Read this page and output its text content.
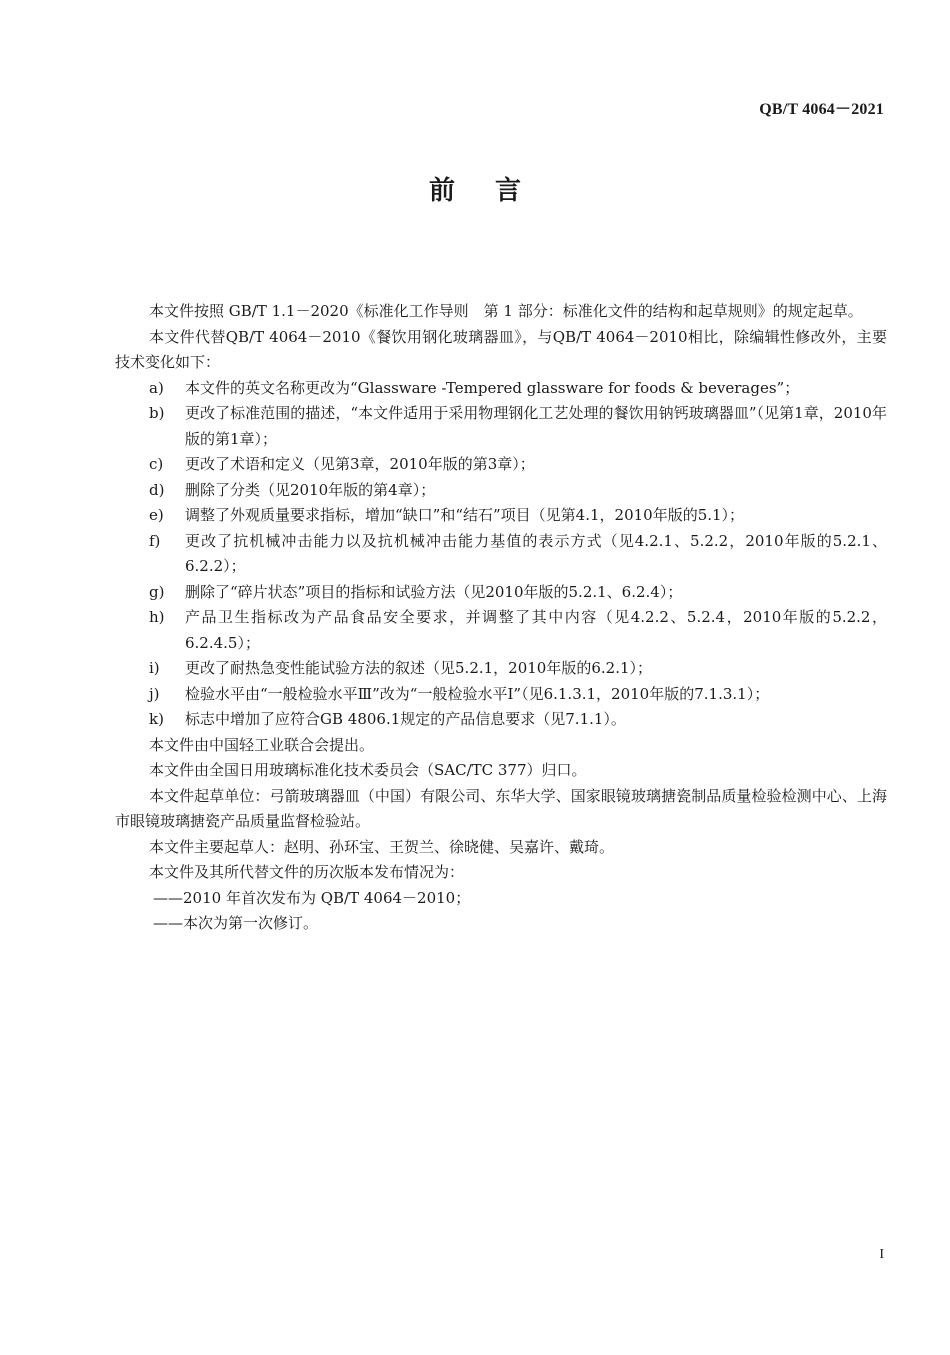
QB/T 4064－2021
前 言
本文件按照 GB/T 1.1－2020《标准化工作导则　第 1 部分：标准化文件的结构和起草规则》的规定起草。
本文件代替QB/T 4064－2010《餐饮用钢化玻璃器皿》，与QB/T 4064－2010相比，除编辑性修改外，主要技术变化如下：
a)	本文件的英文名称更改为“Glassware -Tempered glassware for foods & beverages”；
b)	更改了标准范围的描述，“本文件适用于采用物理钢化工艺处理的餐饮用钠钙玻璃器皿”（见第1章，2010年版的第1章）；
c)	更改了术语和定义（见第3章，2010年版的第3章）；
d)	删除了分类（见2010年版的第4章）；
e)	调整了外观质量要求指标，增加“缺口”和“结石”项目（见第4.1，2010年版的5.1）；
f)	更改了抗机械冲击能力以及抗机械冲击能力基值的表示方式（见4.2.1、5.2.2，2010年版的5.2.1、6.2.2）；
g)	删除了“碎片状态”项目的指标和试验方法（见2010年版的5.2.1、6.2.4）；
h)	产品卫生指标改为产品食品安全要求，并调整了其中内容（见4.2.2、5.2.4，2010年版的5.2.2，6.2.4.5）；
i)	更改了耐热急变性能试验方法的叙述（见5.2.1，2010年版的6.2.1）；
j)	检验水平由“一般检验水平Ⅲ”改为“一般检验水平Ⅰ”（见6.1.3.1，2010年版的7.1.3.1）；
k)	标志中增加了应符合GB 4806.1规定的产品信息要求（见7.1.1）。
本文件由中国轻工业联合会提出。
本文件由全国日用玻璃标准化技术委员会（SAC/TC 377）归口。
本文件起草单位：弓箭玻璃器皿（中国）有限公司、东华大学、国家眼镜玻璃搪瓷制品质量检验检测中心、上海市眼镜玻璃搪瓷产品质量监督检验站。
本文件主要起草人：赵明、孙环宝、王贺兰、徐晓健、吴嘉许、戴琦。
本文件及其所代替文件的历次版本发布情况为：
——2010 年首次发布为 QB/T 4064－2010；
——本次为第一次修订。
I
